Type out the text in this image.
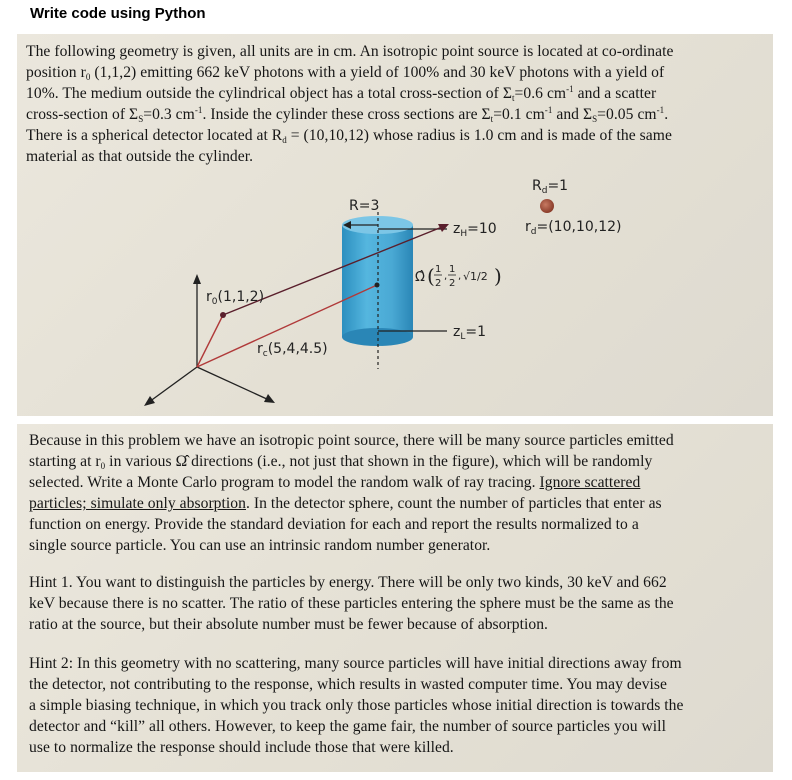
Write code using Python
The following geometry is given, all units are in cm. An isotropic point source is located at co-ordinate
position $r_0$ (1,1,2) emitting 662 keV photons with a yield of 100% and 30 keV photons with a yield of
10%. The medium outside the cylindrical object has a total cross-section of $\Sigma_t=0.6$ $cm^{-1}$ and a scatter
cross-section of $\Sigma_S=0.3$ $cm^{-1}$. Inside the cylinder these cross sections are $\Sigma_t=0.1$ $cm^{-1}$ and $\Sigma_S=0.05$ $cm^{-1}$.
There is a spherical detector located at $R_d = (10,10,12)$ whose radius is 1.0 cm and is made of the same
material as that outside the cylinder.
$r_0(1,1,2)$
$r_c(5,4,4.5)$
R=3
$z_H=10$
$z_L=1$
Ω̂ ( 1
2
,
1
2
, √1/2 )
$R_d=1$
$r_d=(10,10,12)$
Because in this problem we have an isotropic point source, there will be many source particles emitted
starting at $r_0$ in various Ω̂ directions (i.e., not just that shown in the figure), which will be randomly
selected. Write a Monte Carlo program to model the random walk of ray tracing. Ignore scattered
particles; simulate only absorption. In the detector sphere, count the number of particles that enter as
function on energy. Provide the standard deviation for each and report the results normalized to a
single source particle. You can use an intrinsic random number generator.
Hint 1. You want to distinguish the particles by energy. There will be only two kinds, 30 keV and 662
keV because there is no scatter. The ratio of these particles entering the sphere must be the same as the
ratio at the source, but their absolute number must be fewer because of absorption.
Hint 2: In this geometry with no scattering, many source particles will have initial directions away from
the detector, not contributing to the response, which results in wasted computer time. You may devise
a simple biasing technique, in which you track only those particles whose initial direction is towards the
detector and “kill” all others. However, to keep the game fair, the number of source particles you will
use to normalize the response should include those that were killed.
